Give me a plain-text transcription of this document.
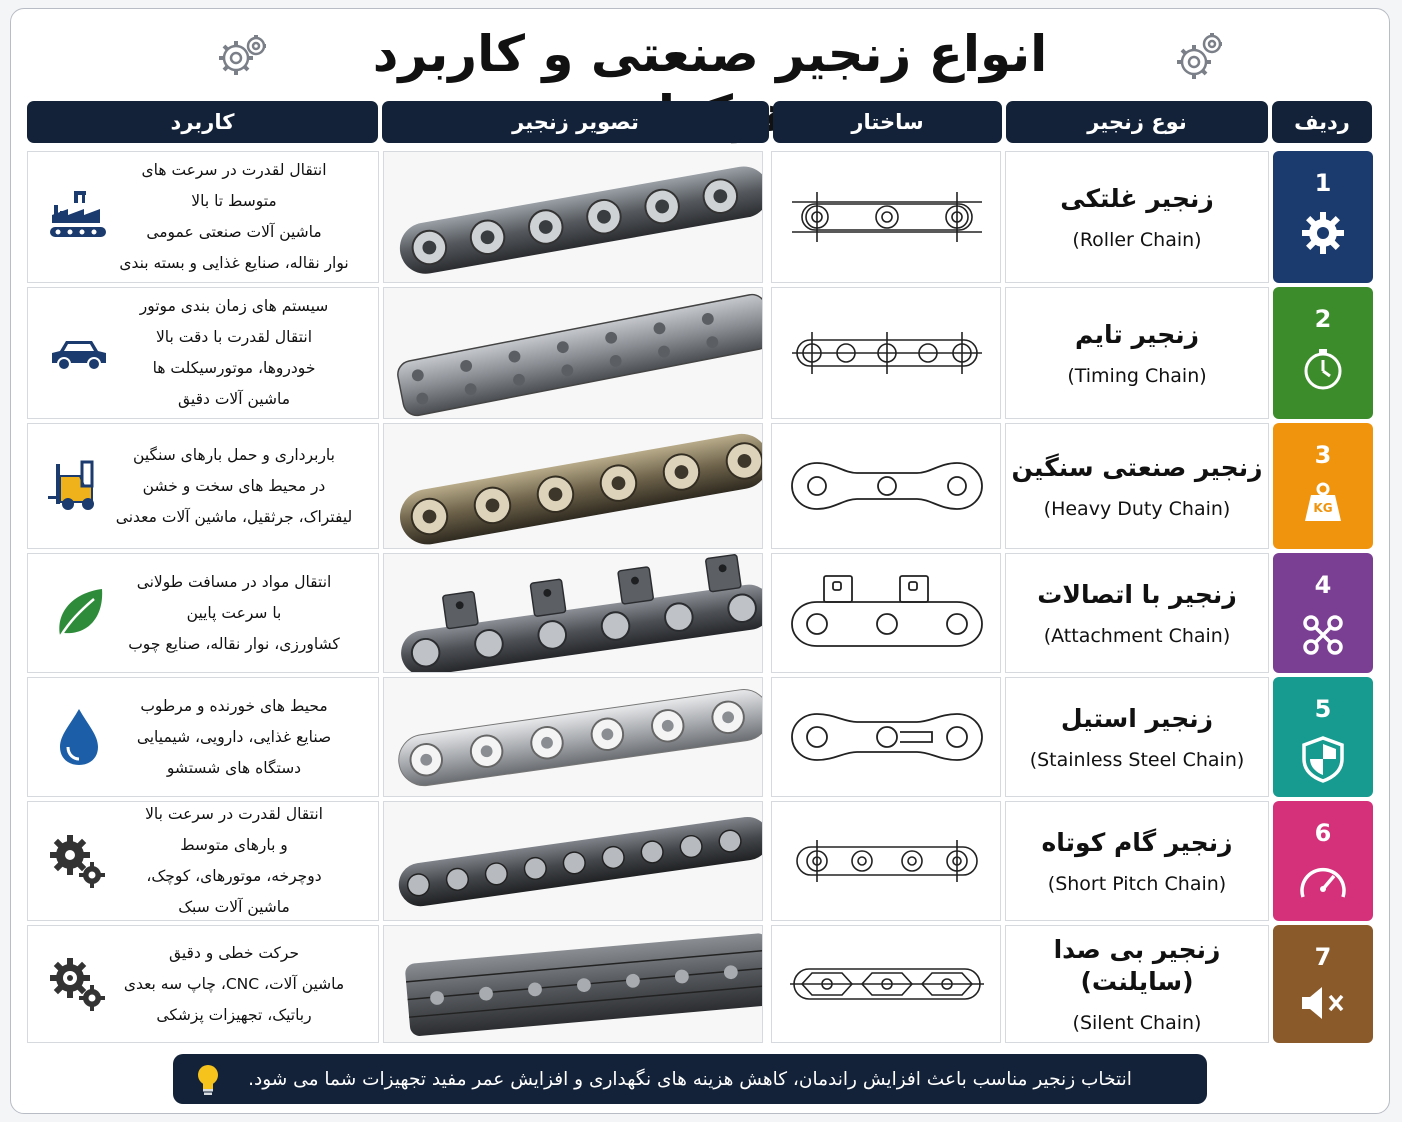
انواع زنجیر صنعتی و کاربرد
ردیف
نوع زنجیر
ساختار
تصویر زنجیر
کاربرد
انتقال لقدرت در سرعت های
متوسط تا بالا
ماشین آلات صنعتی عمومی
نوار نقاله، صنایع غذایی و بسته بندی
زنجیر غلتکی
(Roller Chain)
1
سیستم های زمان بندی موتور
انتقال لقدرت با دقت بالا
خودروها، موتورسیکلت ها
ماشین آلات دقیق
زنجیر تایم
(Timing Chain)
2
باربرداری و حمل بارهای سنگین
در محیط های سخت و خشن
لیفتراک، جرثقیل، ماشین آلات معدنی
زنجیر صنعتی سنگین
(Heavy Duty Chain)
3
KG
انتقال مواد در مسافت طولانی
با سرعت پایین
کشاورزی، نوار نقاله، صنایع چوب
زنجیر با اتصالات
(Attachment Chain)
4
محیط های خورنده و مرطوب
صنایع غذایی، دارویی، شیمیایی
دستگاه های شستشو
زنجیر استیل
(Stainless Steel Chain)
5
انتقال لقدرت در سرعت بالا
و بارهای متوسط
دوچرخه، موتورهای، کوچک،
ماشین آلات سبک
زنجیر گام کوتاه
(Short Pitch Chain)
6
حرکت خطی و دقیق
ماشین آلات، CNC، چاپ سه بعدی
رباتیک، تجهیزات پزشکی
زنجیر بی صدا (سایلنت)
(Silent Chain)
7
انتخاب زنجیر مناسب باعث افزایش راندمان، کاهش هزینه های نگهداری و افزایش عمر مفید تجهیزات شما می شود.
